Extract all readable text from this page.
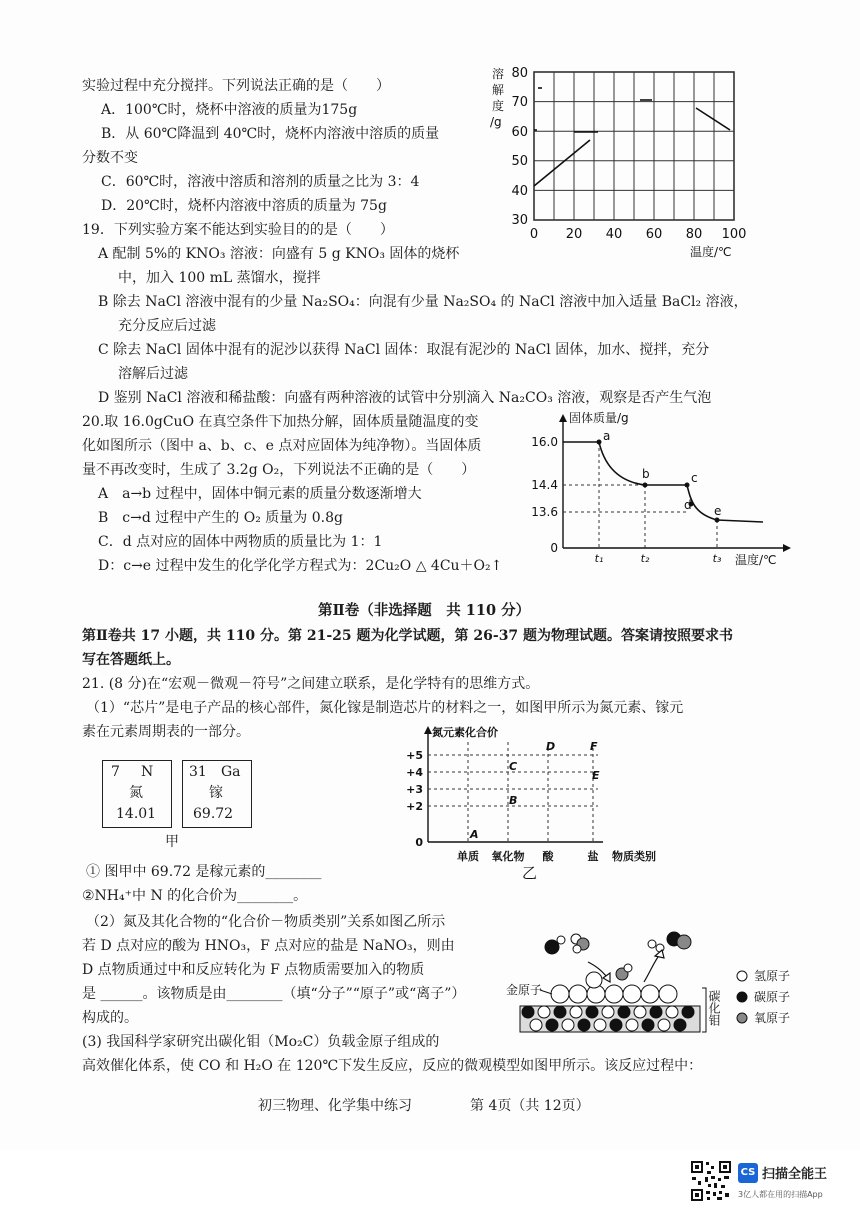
实验过程中充分搅拌。下列说法正确的是（　　）
A．100℃时，烧杯中溶液的质量为175g
B．从 60℃降温到 40℃时，烧杯内溶液中溶质的质量
分数不变
C．60℃时，溶液中溶质和溶剂的质量之比为 3：4
D．20℃时，烧杯内溶液中溶质的质量为 75g
溶
解
度
/g
80
70
60
50
40
30
0 20 40 60 80 100
温度/℃
19．下列实验方案不能达到实验目的的是（　　）
A 配制 5%的 KNO₃ 溶液：向盛有 5 g KNO₃ 固体的烧杯
中，加入 100 mL 蒸馏水，搅拌
B 除去 NaCl 溶液中混有的少量 Na₂SO₄：向混有少量 Na₂SO₄ 的 NaCl 溶液中加入适量 BaCl₂ 溶液，
充分反应后过滤
C 除去 NaCl 固体中混有的泥沙以获得 NaCl 固体：取混有泥沙的 NaCl 固体，加水、搅拌，充分
溶解后过滤
D 鉴别 NaCl 溶液和稀盐酸：向盛有两种溶液的试管中分别滴入 Na₂CO₃ 溶液，观察是否产生气泡
20.取 16.0gCuO 在真空条件下加热分解，固体质量随温度的变
化如图所示（图中 a、b、c、e 点对应固体为纯净物）。当固体质
量不再改变时，生成了 3.2g O₂，下列说法不正确的是（　　）
A　a→b 过程中，固体中铜元素的质量分数逐渐增大
B　c→d 过程中产生的 O₂ 质量为 0.8g
C．d 点对应的固体中两物质的质量比为 1：1
D：c→e 过程中发生的化学化学方程式为：2Cu₂O △ 4Cu＋O₂↑
a
b	c
d e
16.0
14.4
13.6
0
t₁	t₂	t₃
固体质量/g
温度/℃
第Ⅱ卷（非选择题　共 110 分）
第Ⅱ卷共 17 小题，共 110 分。第 21-25 题为化学试题，第 26-37 题为物理试题。答案请按照要求书
写在答题纸上。
21. (8 分)在“宏观－微观－符号”之间建立联系，是化学特有的思维方式。
（1）“芯片”是电子产品的核心部件，氮化镓是制造芯片的材料之一，如图甲所示为氮元素、镓元
素在元素周期表的一部分。
7 N
氮
14.01
31 Ga
镓
69.72
甲
① 图甲中 69.72 是稼元素的________
②NH₄⁺中 N 的化合价为________。
（2）氮及其化合物的“化合价－物质类别”关系如图乙所示
若 D 点对应的酸为 HNO₃，F 点对应的盐是 NaNO₃，则由
D 点物质通过中和反应转化为 F 点物质需要加入的物质
是 ______。该物质是由________（填“分子”“原子”或“离子”）
构成的。
(3) 我国科学家研究出碳化钼（Mo₂C）负载金原子组成的
高效催化体系，使 CO 和 H₂O 在 120℃下发生反应，反应的微观模型如图甲所示。该反应过程中：
氮元素化合价
+5
+4
+3
+2
0
A
B
C
D
E
F
单质 氧化物 酸	盐 物质类别
乙
金原子	碳化钼
氢原子
碳原子
氧原子
初三物理、化学集中练习	第 4页（共 12页）
CS 扫描全能王
3亿人都在用的扫描App
